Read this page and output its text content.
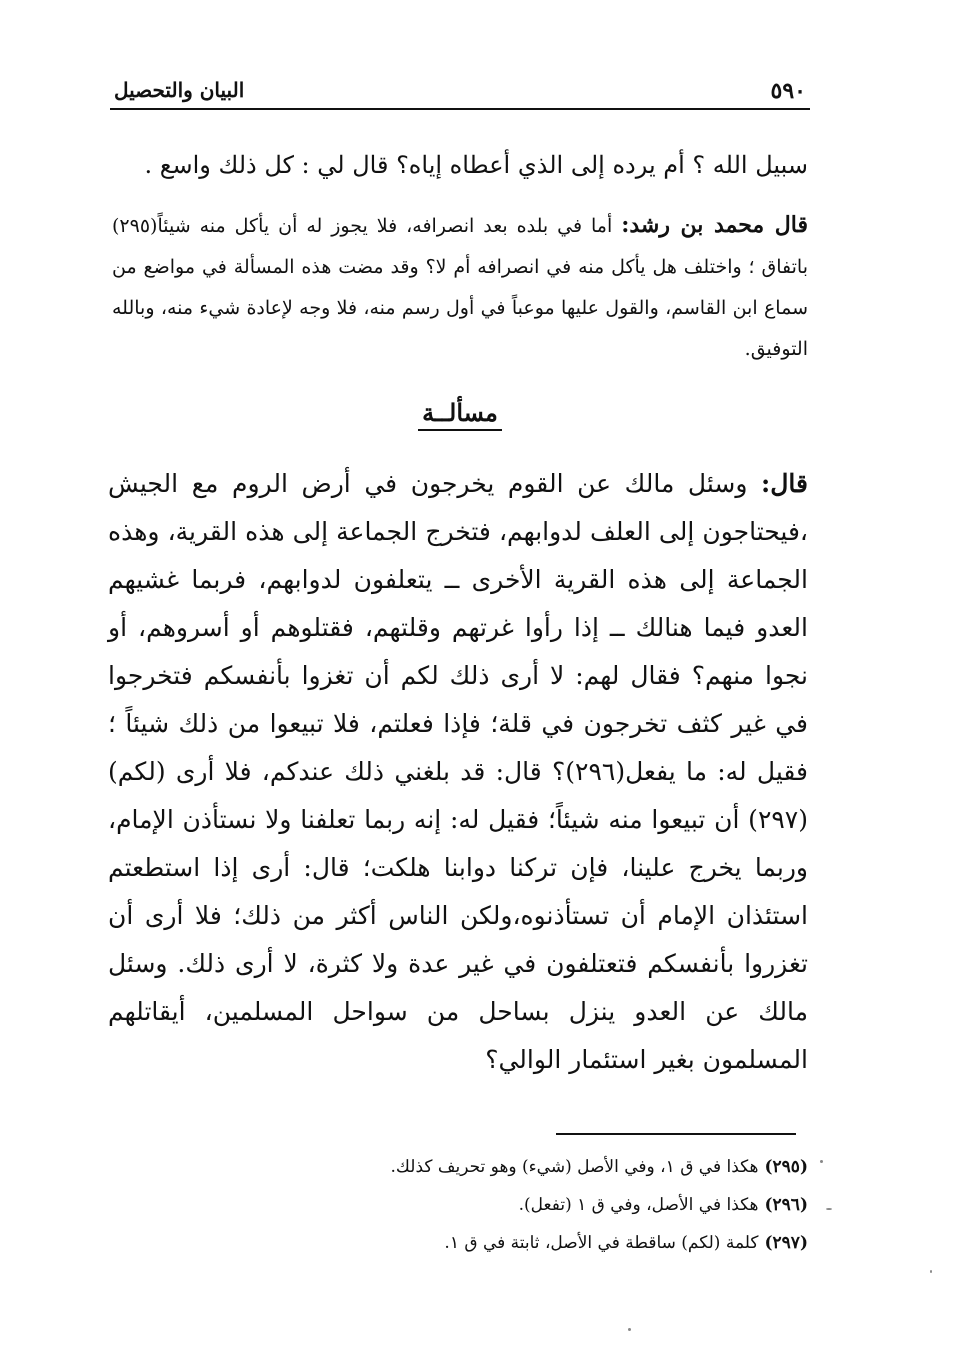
٥٩٠
البيان والتحصيل
سبيل الله ؟ أم يرده إلى الذي أعطاه إياه؟ قال لي : كل ذلك واسع .
قال محمد بن رشد: أما في بلده بعد انصرافه، فلا يجوز له أن يأكل منه شيئاً(٢٩٥) باتفاق ؛ واختلف هل يأكل منه في انصرافه أم لا؟ وقد مضت هذه المسألة في مواضع من سماع ابن القاسم، والقول عليها موعباً في أول رسم منه، فلا وجه لإعادة شيء منه، وبالله التوفيق.
مسألــة
قال: وسئل مالك عن القوم يخرجون في أرض الروم مع الجيش ،فيحتاجون إلى العلف لدوابهم، فتخرج الجماعة إلى هذه القرية، وهذه الجماعة إلى هذه القرية الأخرى ــ يتعلفون لدوابهم، فربما غشيهم العدو فيما هنالك ــ إذا رأوا غرتهم وقلتهم، فقتلوهم أو أسروهم، أو نجوا منهم؟ فقال لهم: لا أرى ذلك لكم أن تغزوا بأنفسكم فتخرجوا في غير كثف تخرجون في قلة؛ فإذا فعلتم، فلا تبيعوا من ذلك شيئاً ؛ فقيل له: ما يفعل(٢٩٦)؟ قال: قد بلغني ذلك عندكم، فلا أرى (لكم)(٢٩٧) أن تبيعوا منه شيئاً؛ فقيل له: إنه ربما تعلفنا ولا نستأذن الإمام، وربما يخرج علينا، فإن تركنا دوابنا هلكت؛ قال: أرى إذا استطعتم استئذان الإمام أن تستأذنوه،ولكن الناس أكثر من ذلك؛ فلا أرى أن تغزروا بأنفسكم فتعتلفون في غير عدة ولا كثرة، لا أرى ذلك. وسئل مالك عن العدو ينزل بساحل من سواحل المسلمين، أيقاتلهم المسلمون بغير استئمار الوالي؟
(٢٩٥)هكذا في ق ١، وفي الأصل (شيء) وهو تحريف كذلك.
(٢٩٦)هكذا في الأصل، وفي ق ١ (تفعل).
(٢٩٧)كلمة (لكم) ساقطة في الأصل، ثابتة في ق ١.
